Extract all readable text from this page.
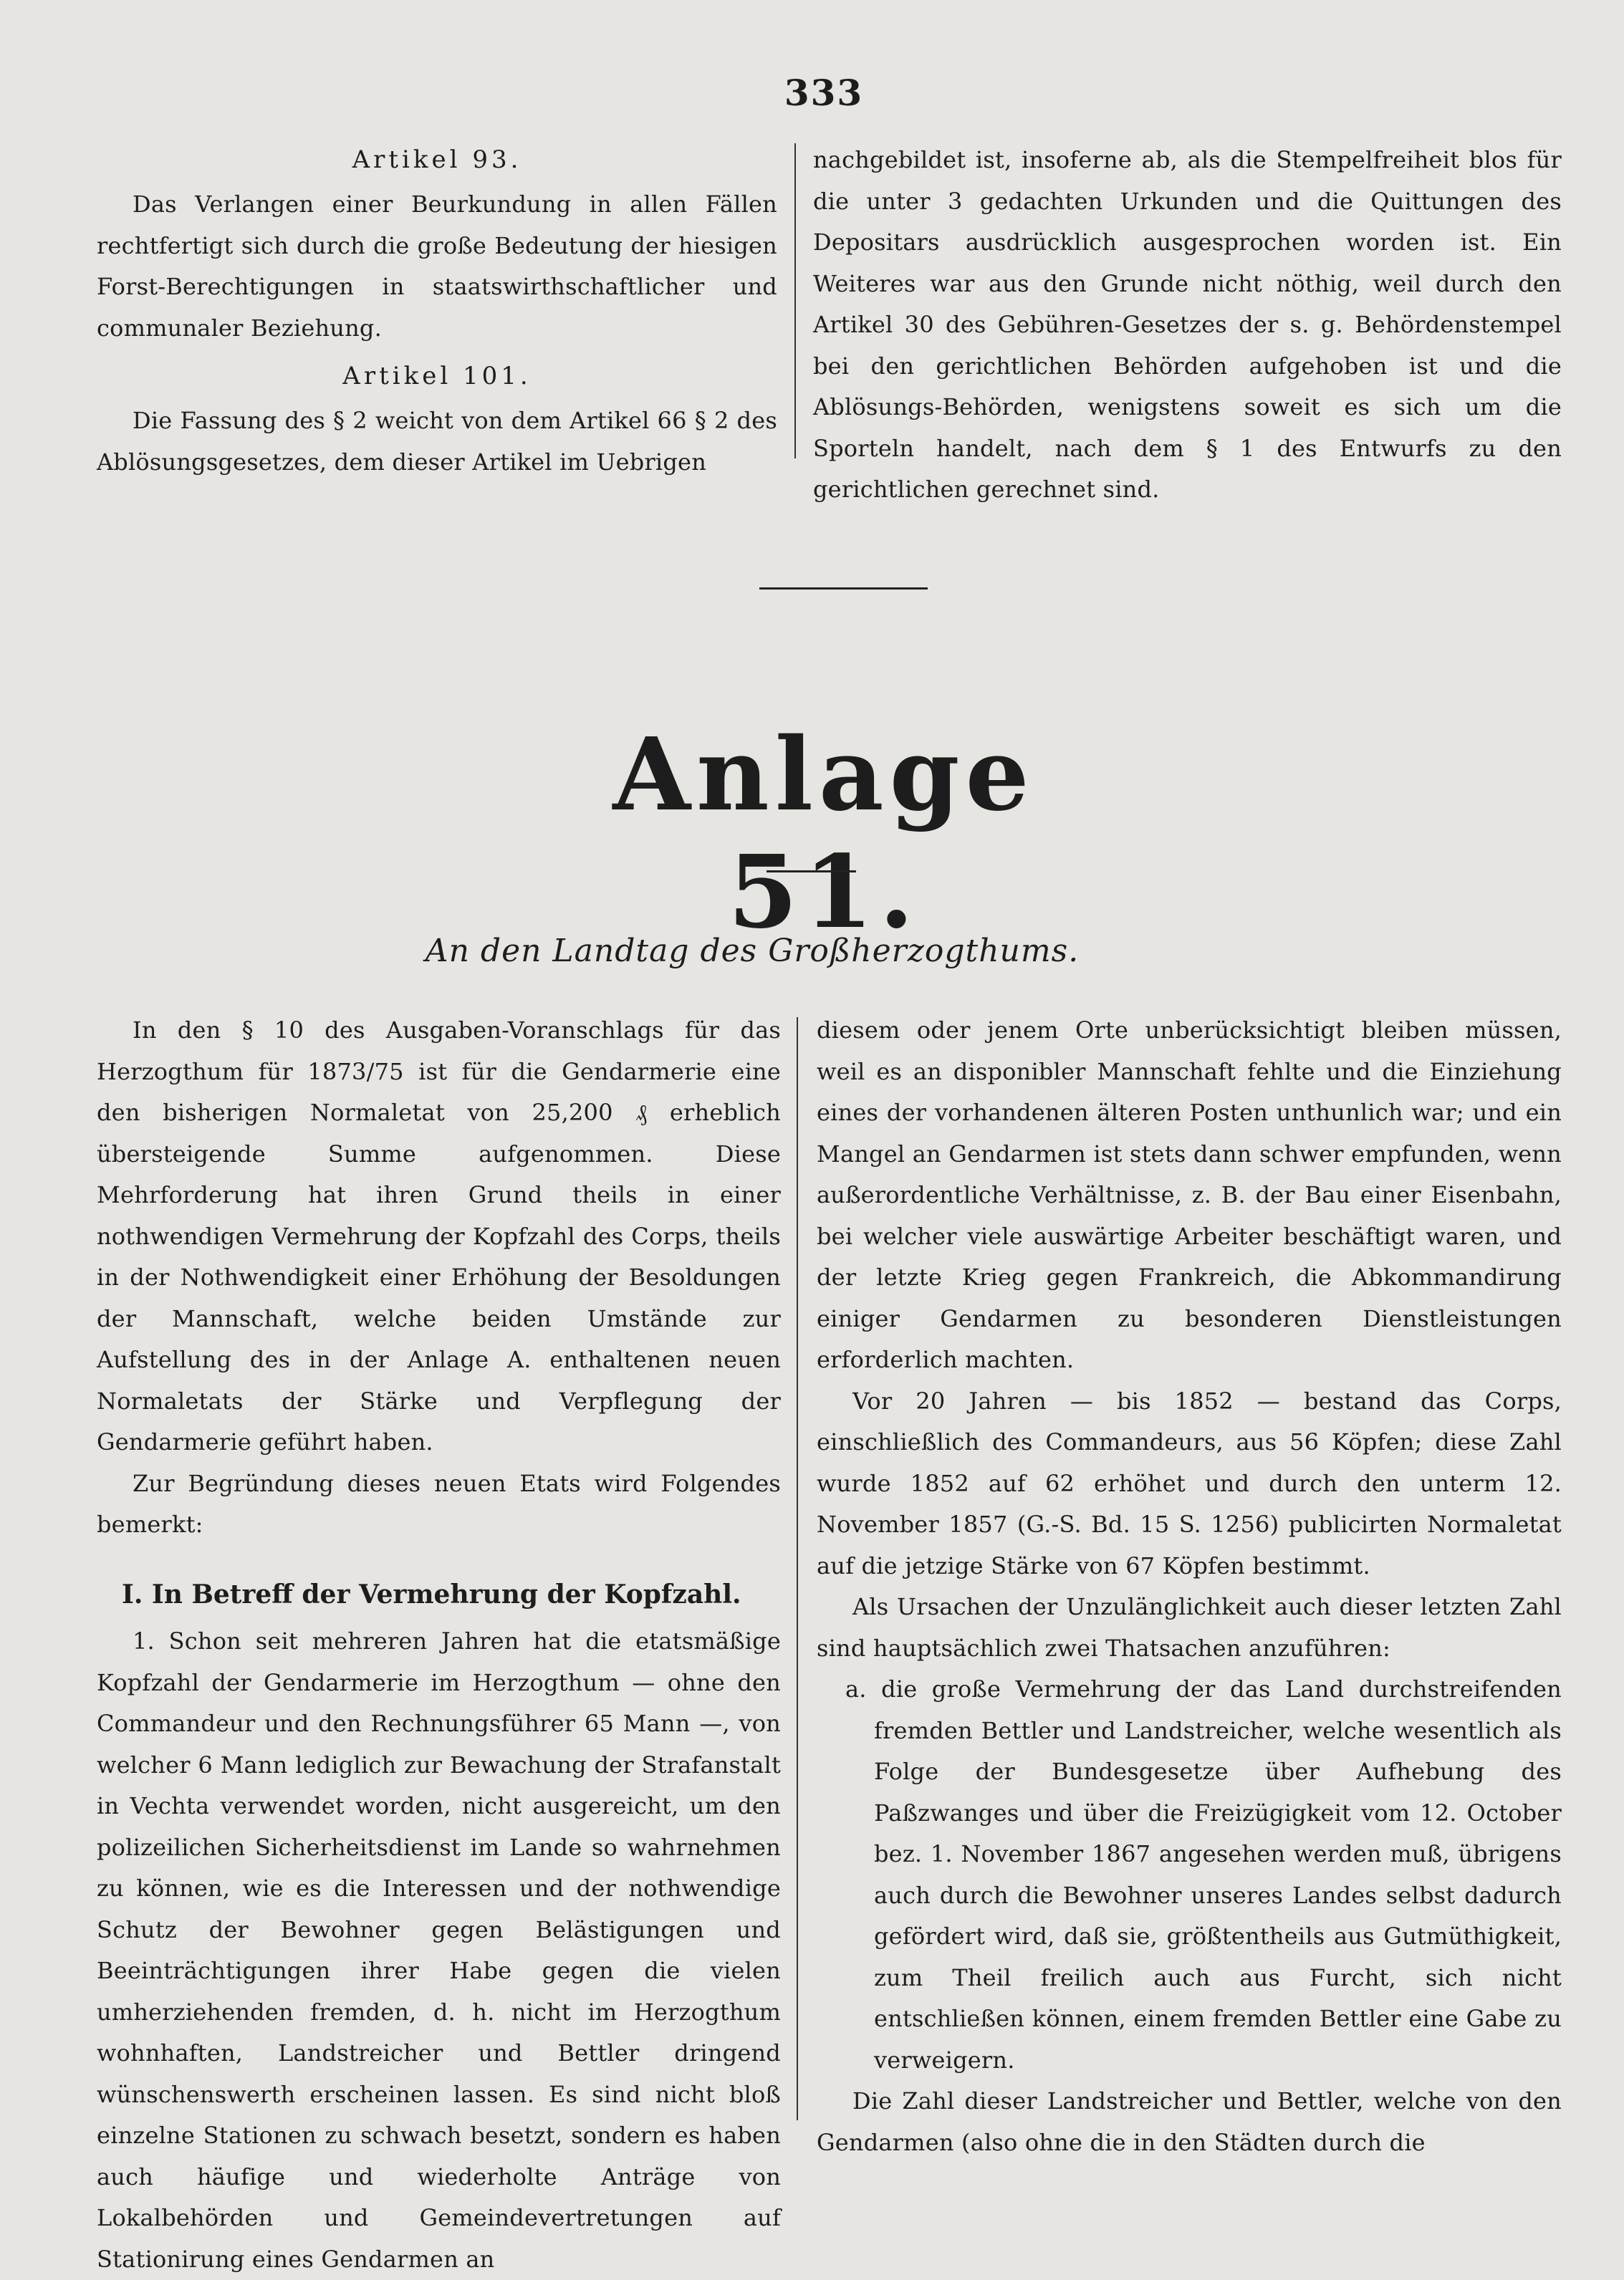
333

Artikel 93.

Das Verlangen einer Beurkundung in allen Fällen rechtfertigt sich durch die große Bedeutung der hiesigen Forst-Berechtigungen in staatswirthschaftlicher und communaler Beziehung.

Artikel 101.

Die Fassung des § 2 weicht von dem Artikel 66 § 2 des Ablösungsgesetzes, dem dieser Artikel im Uebrigen

nachgebildet ist, insoferne ab, als die Stempelfreiheit blos für die unter 3 gedachten Urkunden und die Quittungen des Depositars ausdrücklich ausgesprochen worden ist. Ein Weiteres war aus den Grunde nicht nöthig, weil durch den Artikel 30 des Gebühren-Gesetzes der s. g. Behördenstempel bei den gerichtlichen Behörden aufgehoben ist und die Ablösungs-Behörden, wenigstens soweit es sich um die Sporteln handelt, nach dem § 1 des Entwurfs zu den gerichtlichen gerechnet sind.

Anlage 51.
An den Landtag des Großherzogthums.

In den § 10 des Ausgaben-Voranschlags für das Herzogthum für 1873/75 ist für die Gendarmerie eine den bisherigen Normaletat von 25,200 ₰ erheblich übersteigende Summe aufgenommen. Diese Mehrforderung hat ihren Grund theils in einer nothwendigen Vermehrung der Kopfzahl des Corps, theils in der Nothwendigkeit einer Erhöhung der Besoldungen der Mannschaft, welche beiden Umstände zur Aufstellung des in der Anlage A. enthaltenen neuen Normaletats der Stärke und Verpflegung der Gendarmerie geführt haben.

Zur Begründung dieses neuen Etats wird Folgendes bemerkt:

I. In Betreff der Vermehrung der Kopfzahl.

1. Schon seit mehreren Jahren hat die etatsmäßige Kopfzahl der Gendarmerie im Herzogthum — ohne den Commandeur und den Rechnungsführer 65 Mann —, von welcher 6 Mann lediglich zur Bewachung der Strafanstalt in Vechta verwendet worden, nicht ausgereicht, um den polizeilichen Sicherheitsdienst im Lande so wahrnehmen zu können, wie es die Interessen und der nothwendige Schutz der Bewohner gegen Belästigungen und Beeinträchtigungen ihrer Habe gegen die vielen umherziehenden fremden, d. h. nicht im Herzogthum wohnhaften, Landstreicher und Bettler dringend wünschenswerth erscheinen lassen. Es sind nicht bloß einzelne Stationen zu schwach besetzt, sondern es haben auch häufige und wiederholte Anträge von Lokalbehörden und Gemeindevertretungen auf Stationirung eines Gendarmen an

diesem oder jenem Orte unberücksichtigt bleiben müssen, weil es an disponibler Mannschaft fehlte und die Einziehung eines der vorhandenen älteren Posten unthunlich war; und ein Mangel an Gendarmen ist stets dann schwer empfunden, wenn außerordentliche Verhältnisse, z. B. der Bau einer Eisenbahn, bei welcher viele auswärtige Arbeiter beschäftigt waren, und der letzte Krieg gegen Frankreich, die Abkommandirung einiger Gendarmen zu besonderen Dienstleistungen erforderlich machten.

Vor 20 Jahren — bis 1852 — bestand das Corps, einschließlich des Commandeurs, aus 56 Köpfen; diese Zahl wurde 1852 auf 62 erhöhet und durch den unterm 12. November 1857 (G.-S. Bd. 15 S. 1256) publicirten Normaletat auf die jetzige Stärke von 67 Köpfen bestimmt.

Als Ursachen der Unzulänglichkeit auch dieser letzten Zahl sind hauptsächlich zwei Thatsachen anzuführen:

a. die große Vermehrung der das Land durchstreifenden fremden Bettler und Landstreicher, welche wesentlich als Folge der Bundesgesetze über Aufhebung des Paßzwanges und über die Freizügigkeit vom 12. October bez. 1. November 1867 angesehen werden muß, übrigens auch durch die Bewohner unseres Landes selbst dadurch gefördert wird, daß sie, größtentheils aus Gutmüthigkeit, zum Theil freilich auch aus Furcht, sich nicht entschließen können, einem fremden Bettler eine Gabe zu verweigern.

Die Zahl dieser Landstreicher und Bettler, welche von den Gendarmen (also ohne die in den Städten durch die
